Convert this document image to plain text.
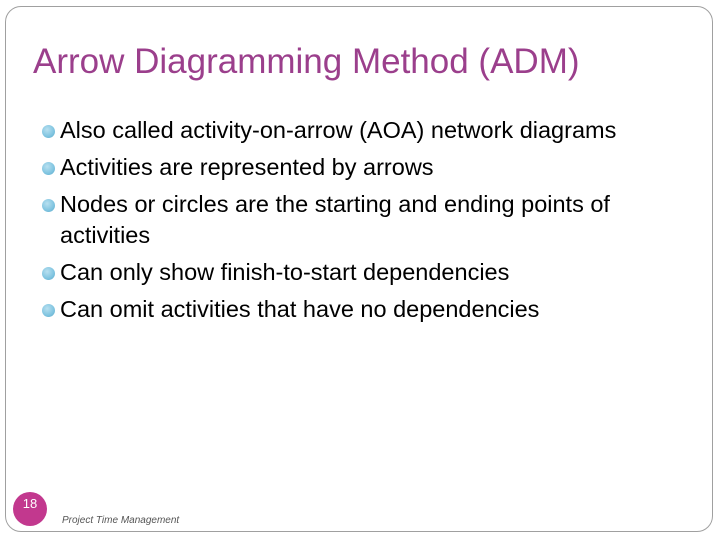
Arrow Diagramming Method (ADM)
Also called activity-on-arrow (AOA) network diagrams
Activities are represented by arrows
Nodes or circles are the starting and ending points of activities
Can only show finish-to-start dependencies
Can omit activities that have no dependencies
18
Project Time Management
